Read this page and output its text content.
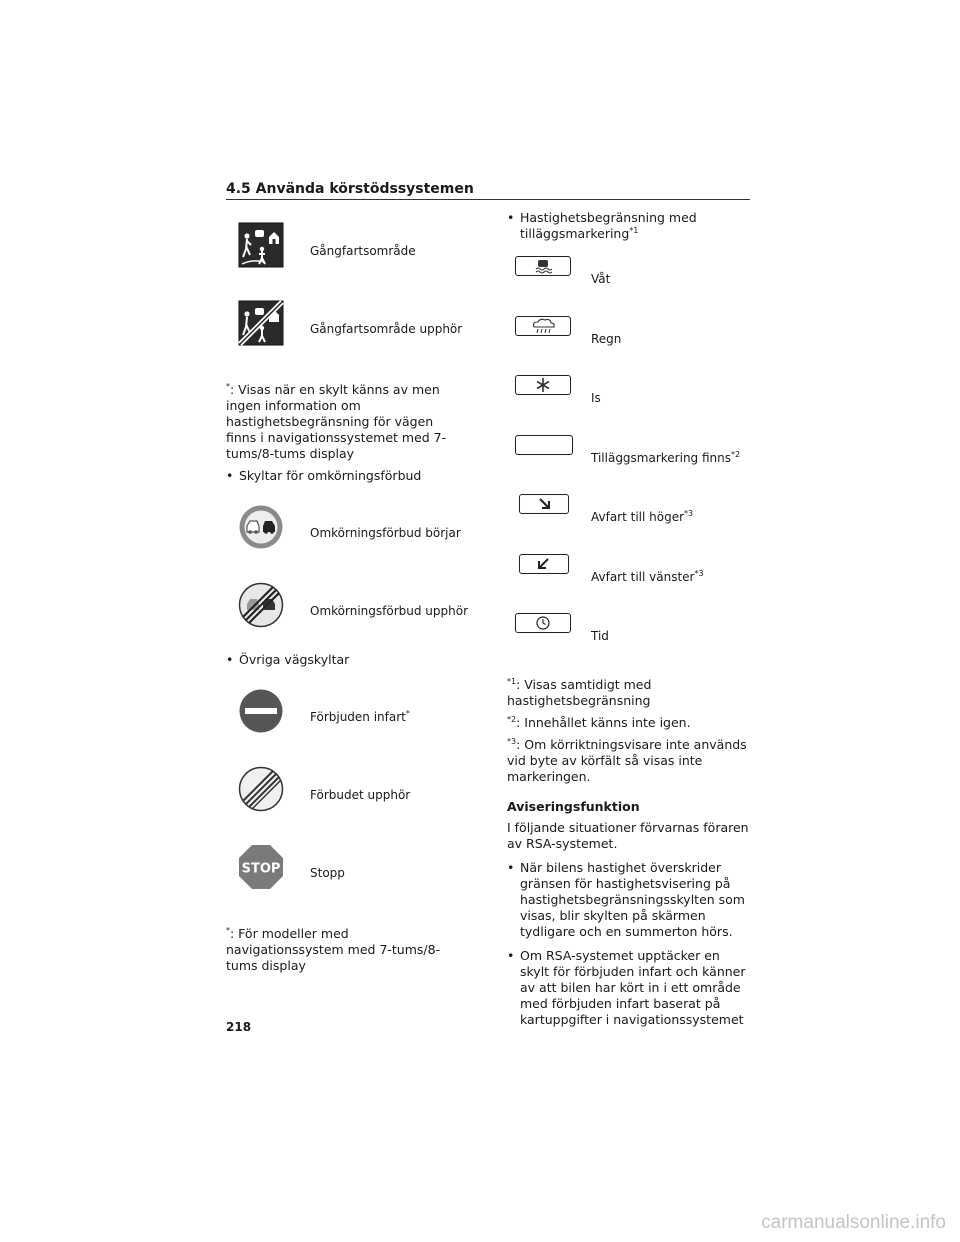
4.5 Använda körstödssystemen
Gångfartsområde
Gångfartsområde upphör
*: Visas när en skylt känns av men ingen information om hastighetsbegränsning för vägen finns i navigationssystemet med 7-tums/8-tums display
• Skyltar för omkörningsförbud
Omkörningsförbud börjar
Omkörningsförbud upphör
• Övriga vägskyltar
Förbjuden infart*
Förbudet upphör
STOP Stopp
*: För modeller med navigationssystem med 7-tums/8-tums display
• Hastighetsbegränsning med tilläggsmarkering$^{*1}$
Våt
Regn
Is
Tilläggsmarkering finns$^{*2}$
Avfart till höger$^{*3}$
Avfart till vänster$^{*3}$
Tid
$^{*1}$: Visas samtidigt med hastighetsbegränsning
$^{*2}$: Innehållet känns inte igen.
$^{*3}$: Om körriktningsvisare inte används vid byte av körfält så visas inte markeringen.
Aviseringsfunktion
I följande situationer förvarnas föraren av RSA-systemet.
• När bilens hastighet överskrider gränsen för hastighetsvisering på hastighetsbegränsningsskylten som visas, blir skylten på skärmen tydligare och en summerton hörs.
• Om RSA-systemet upptäcker en skylt för förbjuden infart och känner av att bilen har kört in i ett område med förbjuden infart baserat på kartuppgifter i navigationssystemet
218
carmanualsonline.info
